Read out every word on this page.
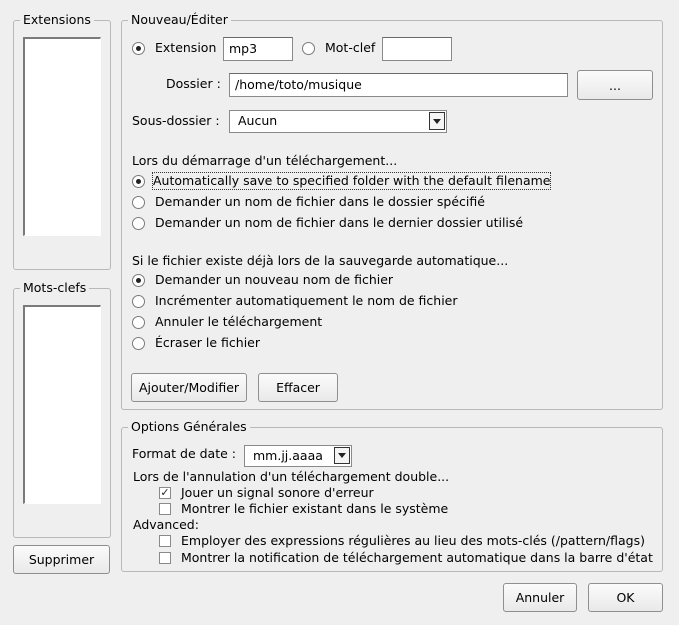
Extensions
Mots-clefs
Supprimer
Nouveau/Éditer
Extension	mp3	Mot-clef
Dossier :	/home/toto/musique	...
Sous-dossier :	Aucun
Lors du démarrage d'un téléchargement...
Automatically save to specified folder with the default filename
Demander un nom de fichier dans le dossier spécifié
Demander un nom de fichier dans le dernier dossier utilisé
Si le fichier existe déjà lors de la sauvegarde automatique...
Demander un nouveau nom de fichier
Incrémenter automatiquement le nom de fichier
Annuler le téléchargement
Écraser le fichier
Ajouter/Modifier	Effacer
Options Générales
Format de date :	mm.jj.aaaa
Lors de l'annulation d'un téléchargement double...
✓ Jouer un signal sonore d'erreur
Montrer le fichier existant dans le système
Advanced:
Employer des expressions régulières au lieu des mots-clés (/pattern/flags)
Montrer la notification de téléchargement automatique dans la barre d'état
Annuler	OK
